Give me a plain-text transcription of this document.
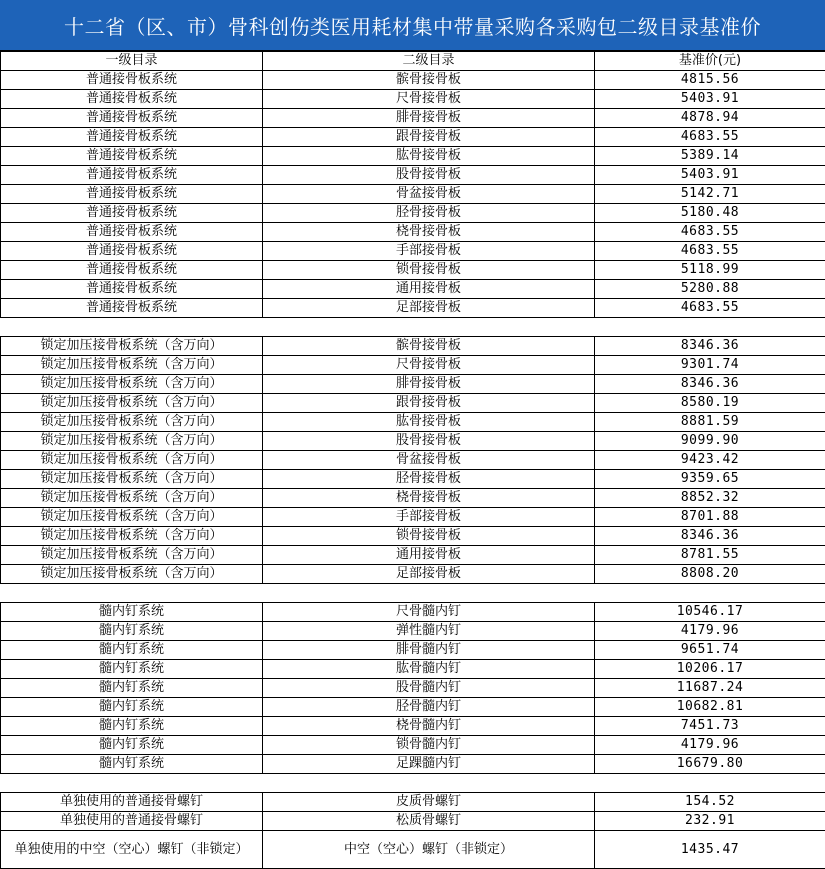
十二省（区、市）骨科创伤类医用耗材集中带量采购各采购包二级目录基准价
一级目录	二级目录	基准价(元)
普通接骨板系统	髌骨接骨板	4815.56
普通接骨板系统	尺骨接骨板	5403.91
普通接骨板系统	腓骨接骨板	4878.94
普通接骨板系统	跟骨接骨板	4683.55
普通接骨板系统	肱骨接骨板	5389.14
普通接骨板系统	股骨接骨板	5403.91
普通接骨板系统	骨盆接骨板	5142.71
普通接骨板系统	胫骨接骨板	5180.48
普通接骨板系统	桡骨接骨板	4683.55
普通接骨板系统	手部接骨板	4683.55
普通接骨板系统	锁骨接骨板	5118.99
普通接骨板系统	通用接骨板	5280.88
普通接骨板系统	足部接骨板	4683.55

锁定加压接骨板系统（含万向）	髌骨接骨板	8346.36
锁定加压接骨板系统（含万向）	尺骨接骨板	9301.74
锁定加压接骨板系统（含万向）	腓骨接骨板	8346.36
锁定加压接骨板系统（含万向）	跟骨接骨板	8580.19
锁定加压接骨板系统（含万向）	肱骨接骨板	8881.59
锁定加压接骨板系统（含万向）	股骨接骨板	9099.90
锁定加压接骨板系统（含万向）	骨盆接骨板	9423.42
锁定加压接骨板系统（含万向）	胫骨接骨板	9359.65
锁定加压接骨板系统（含万向）	桡骨接骨板	8852.32
锁定加压接骨板系统（含万向）	手部接骨板	8701.88
锁定加压接骨板系统（含万向）	锁骨接骨板	8346.36
锁定加压接骨板系统（含万向）	通用接骨板	8781.55
锁定加压接骨板系统（含万向）	足部接骨板	8808.20

髓内钉系统	尺骨髓内钉	10546.17
髓内钉系统	弹性髓内钉	4179.96
髓内钉系统	腓骨髓内钉	9651.74
髓内钉系统	肱骨髓内钉	10206.17
髓内钉系统	股骨髓内钉	11687.24
髓内钉系统	胫骨髓内钉	10682.81
髓内钉系统	桡骨髓内钉	7451.73
髓内钉系统	锁骨髓内钉	4179.96
髓内钉系统	足踝髓内钉	16679.80

单独使用的普通接骨螺钉	皮质骨螺钉	154.52
单独使用的普通接骨螺钉	松质骨螺钉	232.91
单独使用的中空（空心）螺钉（非锁定）	中空（空心）螺钉（非锁定）	1435.47
